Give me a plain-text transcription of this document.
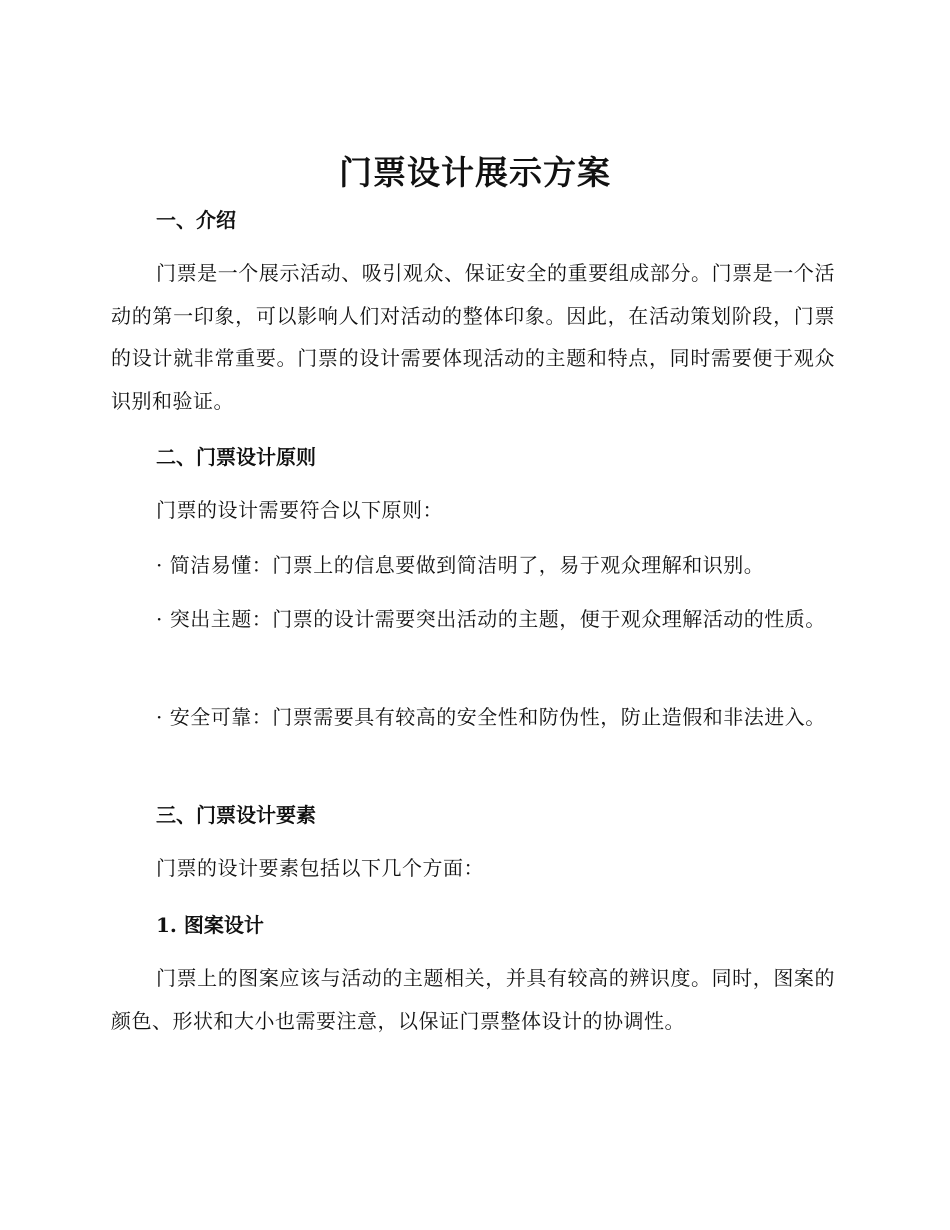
门票设计展示方案
一、介绍
门票是一个展示活动、吸引观众、保证安全的重要组成部分。门票是一个活动的第一印象，可以影响人们对活动的整体印象。因此，在活动策划阶段，门票的设计就非常重要。门票的设计需要体现活动的主题和特点，同时需要便于观众识别和验证。
二、门票设计原则
门票的设计需要符合以下原则：
· 简洁易懂：门票上的信息要做到简洁明了，易于观众理解和识别。
· 突出主题：门票的设计需要突出活动的主题，便于观众理解活动的性质。
· 安全可靠：门票需要具有较高的安全性和防伪性，防止造假和非法进入。
三、门票设计要素
门票的设计要素包括以下几个方面：
1. 图案设计
门票上的图案应该与活动的主题相关，并具有较高的辨识度。同时，图案的颜色、形状和大小也需要注意，以保证门票整体设计的协调性。
